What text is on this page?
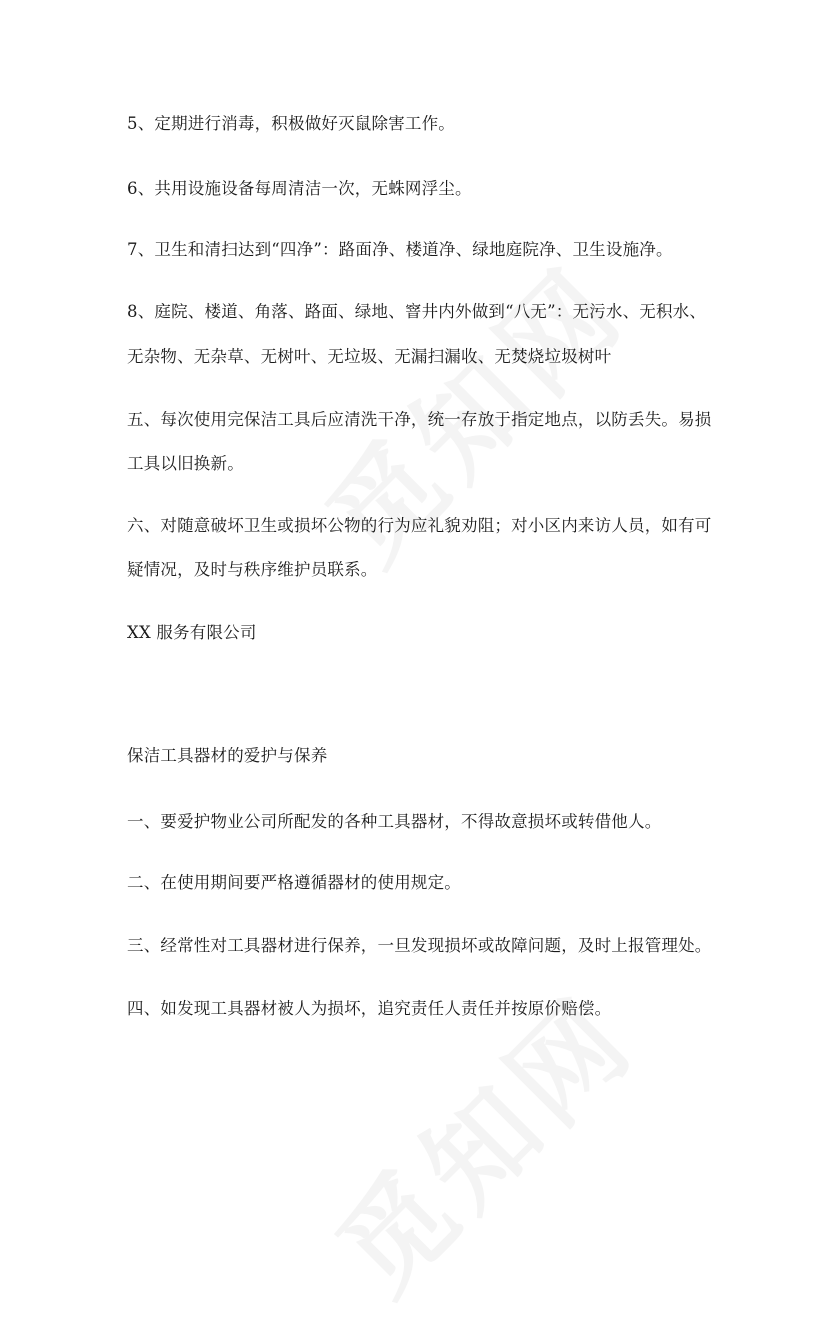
5、定期进行消毒，积极做好灭鼠除害工作。
6、共用设施设备每周清洁一次，无蛛网浮尘。
7、卫生和清扫达到“四净”：路面净、楼道净、绿地庭院净、卫生设施净。
8、庭院、楼道、角落、路面、绿地、窨井内外做到“八无”：无污水、无积水、
无杂物、无杂草、无树叶、无垃圾、无漏扫漏收、无焚烧垃圾树叶
五、每次使用完保洁工具后应清洗干净，统一存放于指定地点，以防丢失。易损
工具以旧换新。
六、对随意破坏卫生或损坏公物的行为应礼貌劝阻；对小区内来访人员，如有可
疑情况，及时与秩序维护员联系。
XX 服务有限公司
保洁工具器材的爱护与保养
一、要爱护物业公司所配发的各种工具器材，不得故意损坏或转借他人。
二、在使用期间要严格遵循器材的使用规定。
三、经常性对工具器材进行保养，一旦发现损坏或故障问题，及时上报管理处。
四、如发现工具器材被人为损坏，追究责任人责任并按原价赔偿。
